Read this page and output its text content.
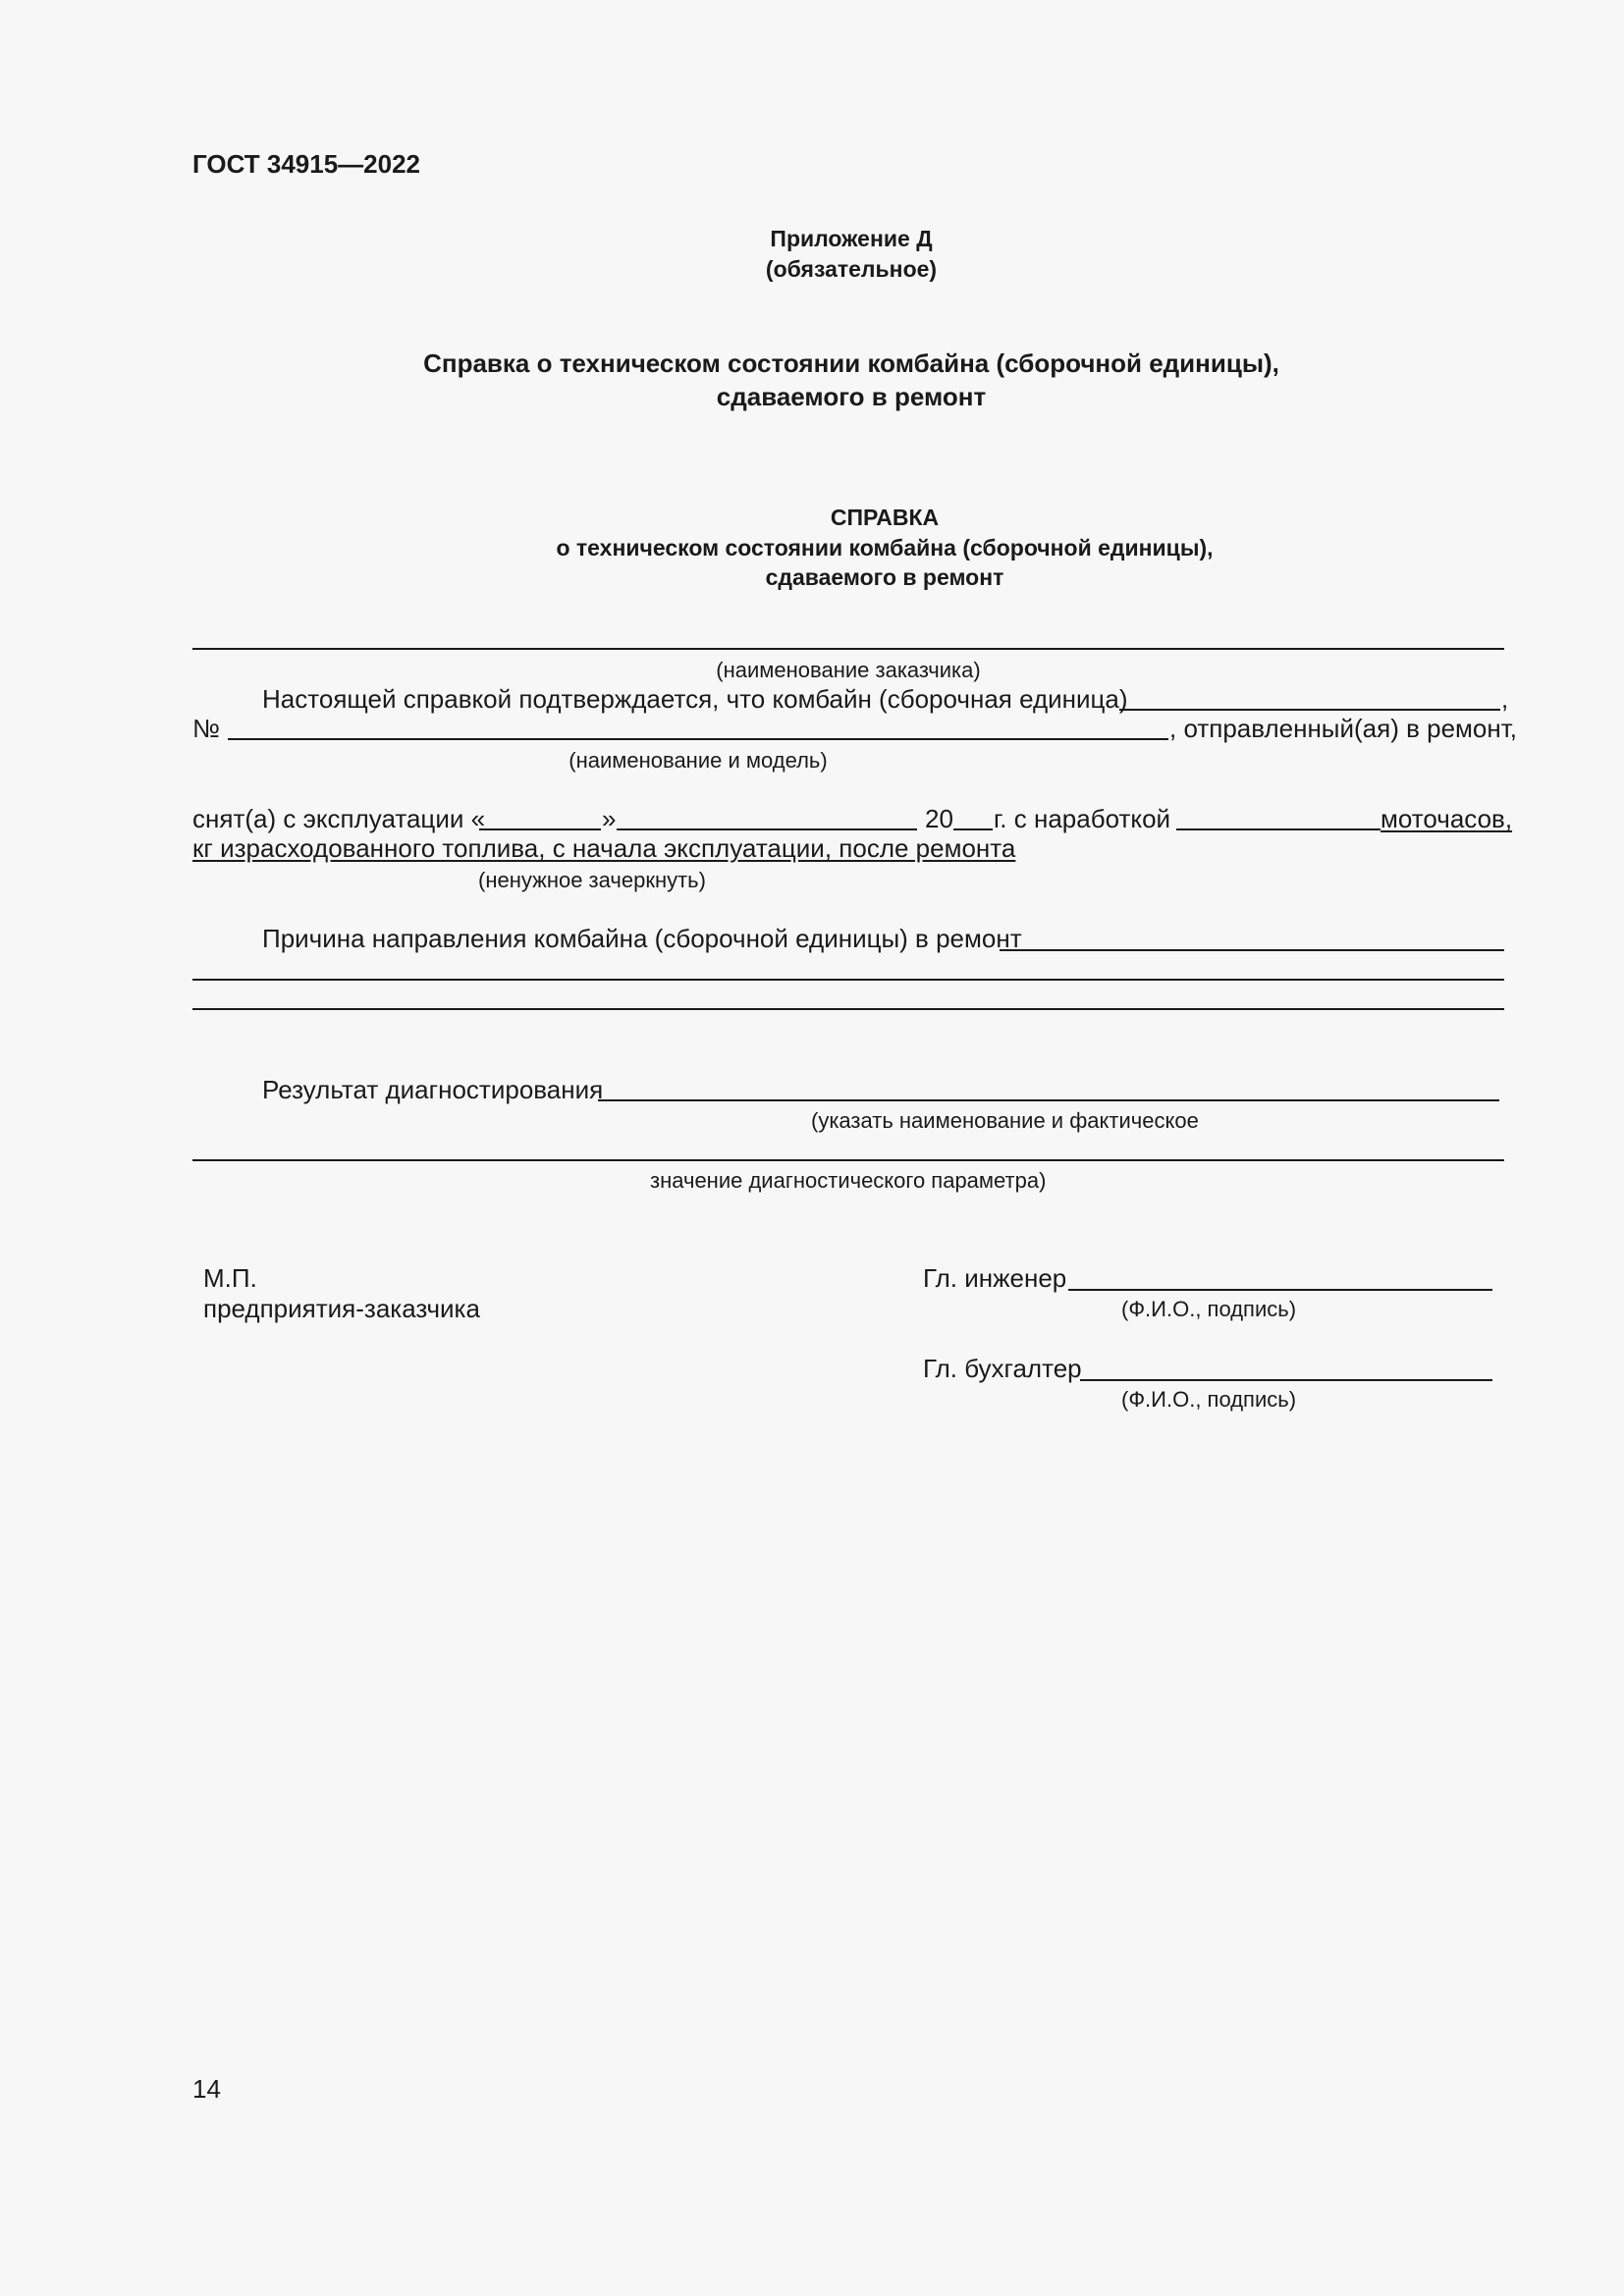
ГОСТ 34915—2022
Приложение Д
(обязательное)
Справка о техническом состоянии комбайна (сборочной единицы),
сдаваемого в ремонт
СПРАВКА
о техническом состоянии комбайна (сборочной единицы),
сдаваемого в ремонт
(наименование заказчика)
Настоящей справкой подтверждается, что комбайн (сборочная единица)	,
№	, отправленный(ая) в ремонт,
(наименование и модель)
снят(а) с эксплуатации «	»	20 г. с наработкой	моточасов,
кг израсходованного топлива, с начала эксплуатации, после ремонта
(ненужное зачеркнуть)
Причина направления комбайна (сборочной единицы) в ремонт
Результат диагностирования
(указать наименование и фактическое
значение диагностического параметра)
М.П.
предприятия-заказчика
Гл. инженер
(Ф.И.О., подпись)
Гл. бухгалтер
(Ф.И.О., подпись)
14
